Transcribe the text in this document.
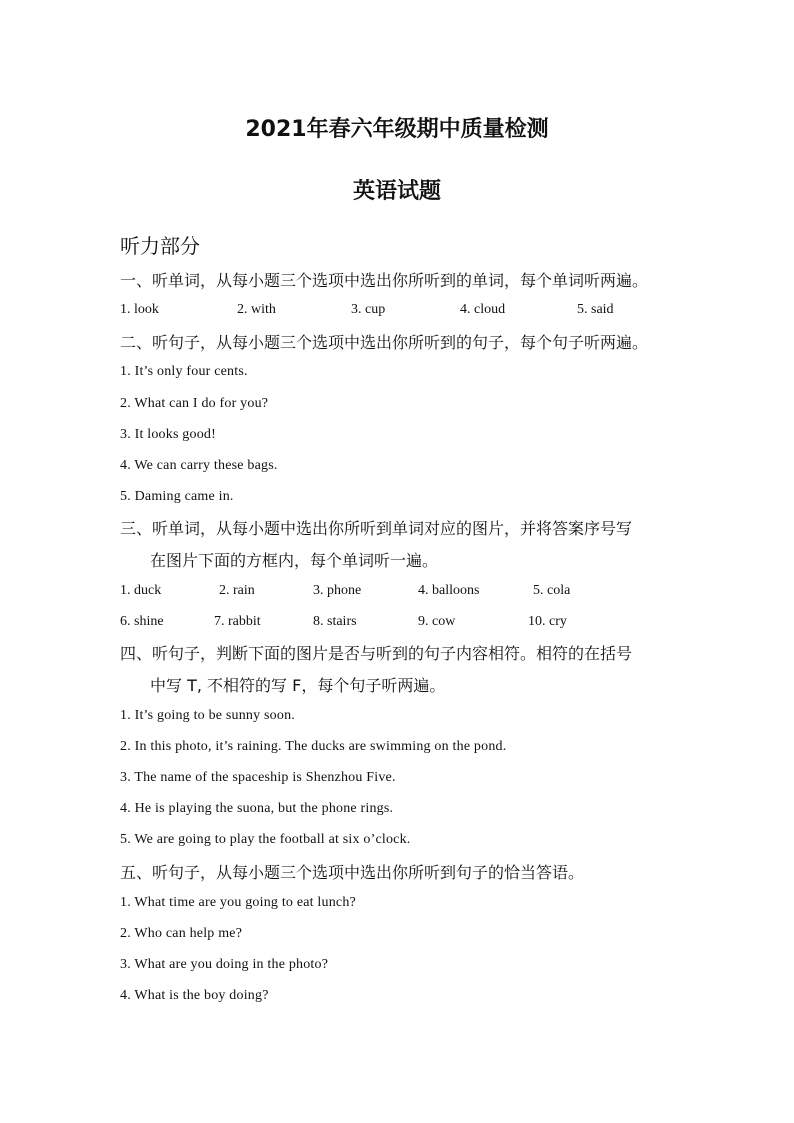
2021年春六年级期中质量检测
英语试题
听力部分
一、听单词，从每小题三个选项中选出你所听到的单词，每个单词听两遍。
1. look	2. with	3. cup	4. cloud	5. said
二、听句子，从每小题三个选项中选出你所听到的句子，每个句子听两遍。
1. It’s only four cents.
2. What can I do for you?
3. It looks good!
4. We can carry these bags.
5. Daming came in.
三、听单词，从每小题中选出你所听到单词对应的图片，并将答案序号写
在图片下面的方框内，每个单词听一遍。
1. duck	2. rain	3. phone	4. balloons	5. cola
6. shine	7. rabbit	8. stairs	9. cow	10. cry
四、听句子，判断下面的图片是否与听到的句子内容相符。相符的在括号
中写 T, 不相符的写 F，每个句子听两遍。
1. It’s going to be sunny soon.
2. In this photo, it’s raining. The ducks are swimming on the pond.
3. The name of the spaceship is Shenzhou Five.
4. He is playing the suona, but the phone rings.
5. We are going to play the football at six o’clock.
五、听句子，从每小题三个选项中选出你所听到句子的恰当答语。
1. What time are you going to eat lunch?
2. Who can help me?
3. What are you doing in the photo?
4. What is the boy doing?
